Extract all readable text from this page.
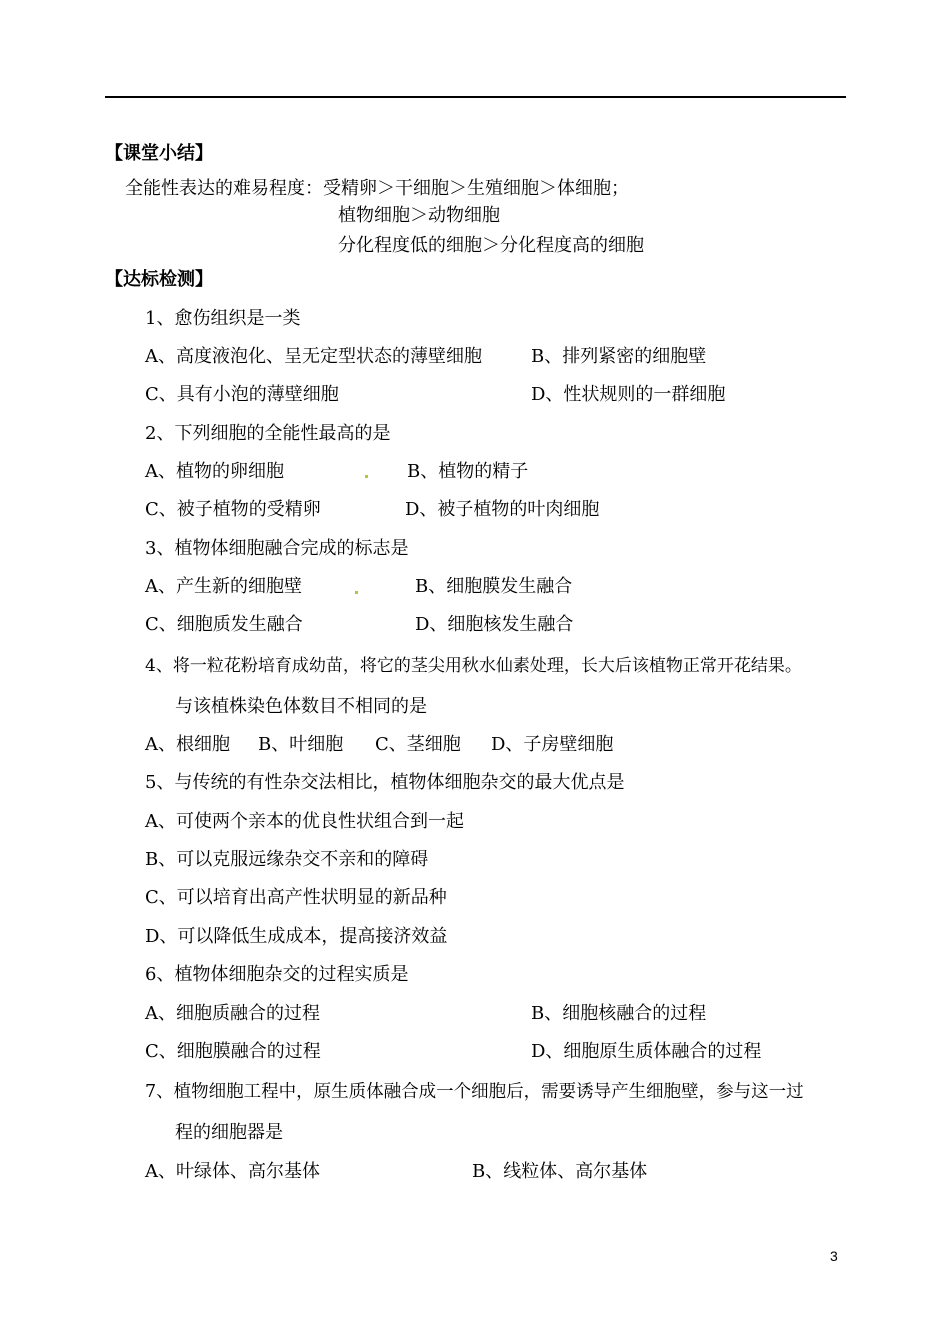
【课堂小结】
全能性表达的难易程度：受精卵＞干细胞＞生殖细胞＞体细胞；
植物细胞＞动物细胞
分化程度低的细胞＞分化程度高的细胞
【达标检测】
1、愈伤组织是一类
A、高度液泡化、呈无定型状态的薄壁细胞	B、排列紧密的细胞壁
C、具有小泡的薄壁细胞	D、性状规则的一群细胞
2、下列细胞的全能性最高的是
A、植物的卵细胞	B、植物的精子
C、被子植物的受精卵	D、被子植物的叶肉细胞
3、植物体细胞融合完成的标志是
A、产生新的细胞壁	B、细胞膜发生融合
C、细胞质发生融合	D、细胞核发生融合
4、将一粒花粉培育成幼苗，将它的茎尖用秋水仙素处理，长大后该植物正常开花结果。
与该植株染色体数目不相同的是
A、根细胞 B、叶细胞 C、茎细胞 D、子房壁细胞
5、与传统的有性杂交法相比，植物体细胞杂交的最大优点是
A、可使两个亲本的优良性状组合到一起
B、可以克服远缘杂交不亲和的障碍
C、可以培育出高产性状明显的新品种
D、可以降低生成成本，提高接济效益
6、植物体细胞杂交的过程实质是
A、细胞质融合的过程	B、细胞核融合的过程
C、细胞膜融合的过程	D、细胞原生质体融合的过程
7、植物细胞工程中，原生质体融合成一个细胞后，需要诱导产生细胞壁，参与这一过
程的细胞器是
A、叶绿体、高尔基体	B、线粒体、高尔基体
3
